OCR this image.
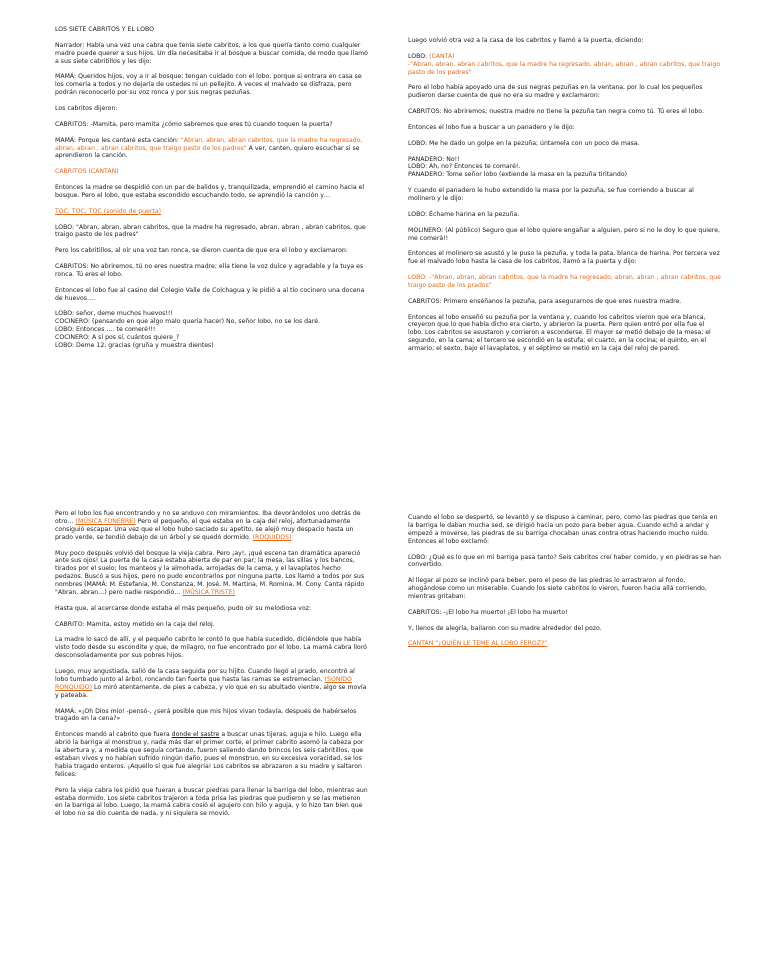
LOS SIETE CABRITOS Y EL LOBO

Narrador: Había una vez una cabra que tenía siete cabritos, a los que quería tanto como cualquier madre puede querer a sus hijos. Un día necesitaba ir al bosque a buscar comida, de modo que llamó a sus siete cabritillos y les dijo:

MAMÁ: Queridos hijos, voy a ir al bosque; tengan cuidado con el lobo, porque si entrara en casa se los comería a todos y no dejaría de ustedes ni un pellejito. A veces el malvado se disfraza, pero podrán reconocerlo por su voz ronca y por sus negras pezuñas.

Los cabritos dijeron:

CABRITOS: -Mamita, pero mamita ¿cómo sabremos que eres tú cuando toquen la puerta?

MAMÁ: Porque les cantaré esta canción: "Abran, abran, abran cabritos, que la madre ha regresado, abran, abran , abran cabritos, que traigo pasto de los padres" A ver, canten, quiero escuchar si se aprendieron la canción.

CABRITOS (CANTAN)

Entonces la madre se despidió con un par de balidos y, tranquilizada, emprendió el camino hacia el bosque. Pero el lobo, que estaba escondido escuchando todo, se aprendió la canción y…

TOC, TOC, TOC (sonido de puerta)

LOBO: "Abran, abran, abran cabritos, que la madre ha regresado, abran, abran , abran cabritos, que traigo pasto de los padres"

Pero los cabritillos, al oír una voz tan ronca, se dieron cuenta de que era el lobo y exclamaron:

CABRITOS: No abriremos, tú no eres nuestra madre; ella tiene la voz dulce y agradable y la tuya es ronca. Tú eres el lobo.

Entonces el lobo fue al casino del Colegio Valle de Colchagua y le pidió a al tío cocinero una docena de huevos….

LOBO: señor, deme muchos huevos!!!

COCINERO: (pensando en que algo malo quería hacer) No, señor lobo, no se los daré.

LOBO: Entonces …. te comeré!!!

COCINERO: A sí pos sí, cuántos quiere_?

LOBO: Deme 12, gracias (gruña y muestra dientes)

Luego volvió otra vez a la casa de los cabritos y llamó a la puerta, diciendo:

LOBO: (CANTA)
-"Abran, abran, abran cabritos, que la madre ha regresado, abran, abran , abran cabritos, que traigo pasto de los padres"

Pero el lobo había apoyado una de sus negras pezuñas en la ventana, por lo cual los pequeños pudieron darse cuenta de que no era su madre y exclamaron:

CABRITOS: No abriremos; nuestra madre no tiene la pezuña tan negra como tú. Tú eres el lobo.

Entonces el lobo fue a buscar a un panadero y le dijo:

LOBO: Me he dado un golpe en la pezuña; úntamela con un poco de masa.

PANADERO: No!!

LOBO: Ah, no? Entonces te comaré!.

PANADERO: Tome señor lobo (extiende la masa en la pezuña tiritando)

Y cuando el panadero le hubo extendido la masa por la pezuña, se fue corriendo a buscar al molinero y le dijo:

LOBO: Échame harina en la pezuña.

MOLINERO: (Al público) Seguro que el lobo quiere engañar a alguien, pero si no le doy lo que quiere, me comerá!!

Entonces el molinero se asustó y le puso la pezuña, y toda la pata, blanca de harina. Por tercera vez fue el malvado lobo hasta la casa de los cabritos, llamó a la puerta y dijo:

LOBO: -"Abran, abran, abran cabritos, que la madre ha regresado, abran, abran , abran cabritos, que traigo pasto de los prados"

CABRITOS: Primero enséñanos la pezuña, para asegurarnos de que eres nuestra madre.

Entonces el lobo enseñó su pezuña por la ventana y, cuando los cabritos vieron que era blanca, creyeron que lo que había dicho era cierto, y abrieron la puerta. Pero quien entró por ella fue el lobo. Los cabritos se asustaron y corrieron a esconderse. El mayor se metió debajo de la mesa; el segundo, en la cama; el tercero se escondió en la estufa; el cuarto, en la cocina; el quinto, en el armario; el sexto, bajo el lavaplatos, y el séptimo se metió en la caja del reloj de pared.

Pero el lobo los fue encontrando y no se anduvo con miramientos. Iba devorándolos uno detrás de otro… (MÚSICA FUNEBRE) Pero el pequeño, el que estaba en la caja del reloj, afortunadamente consiguió escapar. Una vez que el lobo hubo saciado su apetito, se alejó muy despacio hasta un prado verde, se tendió debajo de un árbol y se quedó dormido. (ROQUIDOS)

Muy poco después volvió del bosque la vieja cabra. Pero ¡ay!, ¡qué escena tan dramática apareció ante sus ojos! La puerta de la casa estaba abierta de par en par; la mesa, las sillas y los bancos, tirados por el suelo; los manteos y la almohada, arrojadas de la cama, y el lavaplatos hecho pedazos. Buscó a sus hijos, pero no pudo encontrarlos por ninguna parte. Los llamó a todos por sus nombres (MAMÁ: M. Estefania, M. Constanza, M. José, M. Martina, M. Romina, M. Cony. Canta rápido "Abran, abran…) pero nadie respondió… (MÚSICA TRISTE)

Hasta que, al acercarse donde estaba el más pequeño, pudo oír su melodiosa voz:

CABRITO: Mamita, estoy metido en la caja del reloj.

La madre lo sacó de allí, y el pequeño cabrito le contó lo que había sucedido, diciéndole que había visto todo desde su escondite y que, de milagro, no fue encontrado por el lobo. La mamá cabra lloró desconsoladamente por sus pobres hijos.

Luego, muy angustiada, salió de la casa seguida por su hijito. Cuando llegó al prado, encontró al lobo tumbado junto al árbol, roncando tan fuerte que hasta las ramas se estremecían. (SONIDO RONQUIDO) Lo miró atentamente, de pies a cabeza, y vio que en su abultado vientre, algo se movía y pateaba.

MAMÁ: «¡Oh Dios mío! -pensó-, ¿será posible que mis hijos vivan todavía, después de habérselos tragado en la cena?»

Entonces mandó al cabrito que fuera donde el sastre a buscar unas tijeras, aguja e hilo. Luego ella abrió la barriga al monstruo y, nada más dar el primer corte, el primer cabrito asomó la cabeza por la abertura y, a medida que seguía cortando, fueron saliendo dando brincos los seis cabritillos, que estaban vivos y no habían sufrido ningún daño, pues el monstruo, en su excesiva voracidad, se los había tragado enteros. ¡Aquello sí que fue alegría! Los cabritos se abrazaron a su madre y saltaron felices:

Pero la vieja cabra les pidió que fueran a buscar piedras para llenar la barriga del lobo, mientras aun estaba dormido. Los siete cabritos trajeron a toda prisa las piedras que pudieron y se las metieron en la barriga al lobo. Luego, la mamá cabra cosió el agujero con hilo y aguja, y lo hizo tan bien que el lobo no se dio cuenta de nada, y ni siquiera se movió.

Cuando el lobo se despertó, se levantó y se dispuso a caminar, pero, como las piedras que tenía en la barriga le daban mucha sed, se dirigió hacia un pozo para beber agua. Cuando echó a andar y empezó a moverse, las piedras de su barriga chocaban unas contra otras haciendo mucho ruido. Entonces el lobo exclamó:

LOBO: ¿Qué es lo que en mi barriga pasa tanto? Seis cabritos creí haber comido, y en piedras se han convertido.

Al llegar al pozo se inclinó para beber, pero el peso de las piedras lo arrastraron al fondo, ahogándose como un miserable. Cuando los siete cabritos lo vieron, fueron hacia allá corriendo, mientras gritaban:

CABRITOS: -¡El lobo ha muerto! ¡El lobo ha muerto!

Y, llenos de alegría, bailaron con su madre alrededor del pozo.

CANTAN "¿QUIÉN LE TEME AL LOBO FEROZ?"
